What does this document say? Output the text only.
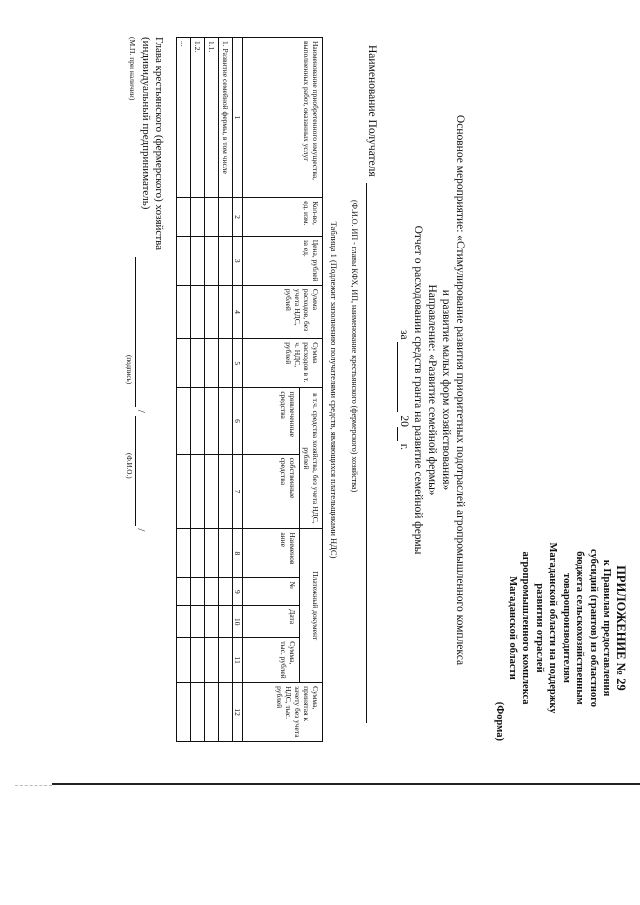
ПРИЛОЖЕНИЕ № 29
к Правилам предоставления
субсидий (грантов) из областного
бюджета сельскохозяйственным
товаропроизводителям
Магаданской области на поддержку
развития отраслей
агропромышленного комплекса
Магаданской области
(Форма)
Основное мероприятие: «Стимулирование развития приоритетных подотраслей агропромышленного комплекса
и развитие малых форм хозяйствования»
Направление: «Развитие семейной фермы»
Отчет о расходовании средств гранта на развитие семейной фермы
за  20 г.
Наименование Получателя
(Ф.И.О. ИП - главы КФХ, ИП, наименование крестьянского (фермерского) хозяйства)
Таблица 1 (Подлежит заполнению получателями средств, являющихся плательщиками НДС)
Наименование приобретенного имущества, выполненных работ, оказанных услуг	Кол-во, ед. изм.	Цена, рублей за ед.	Сумма расходов, без учета НДС, рублей	Сумма расходов в т. ч. НДС, рублей	в т.ч. средства хозяйства, без учета НДС, рублей		Платежный документ				Сумма, принятая к зачету без учета НДС, тыс. рублей
					привлеченные средства	собственные средства	Наименов ание	№	Дата	Сумма, тыс. рублей	
1	2	3	4	5	6	7	8	9	10	11	12
1. Развитие семейной фермы, в том числе											
1.1.											
1.2.											
...											
Глава крестьянского (фермерского) хозяйства
(индивидуальный предприниматель)
(М.П. при наличии)
/  /
(подпись)
(Ф.И.О.)
